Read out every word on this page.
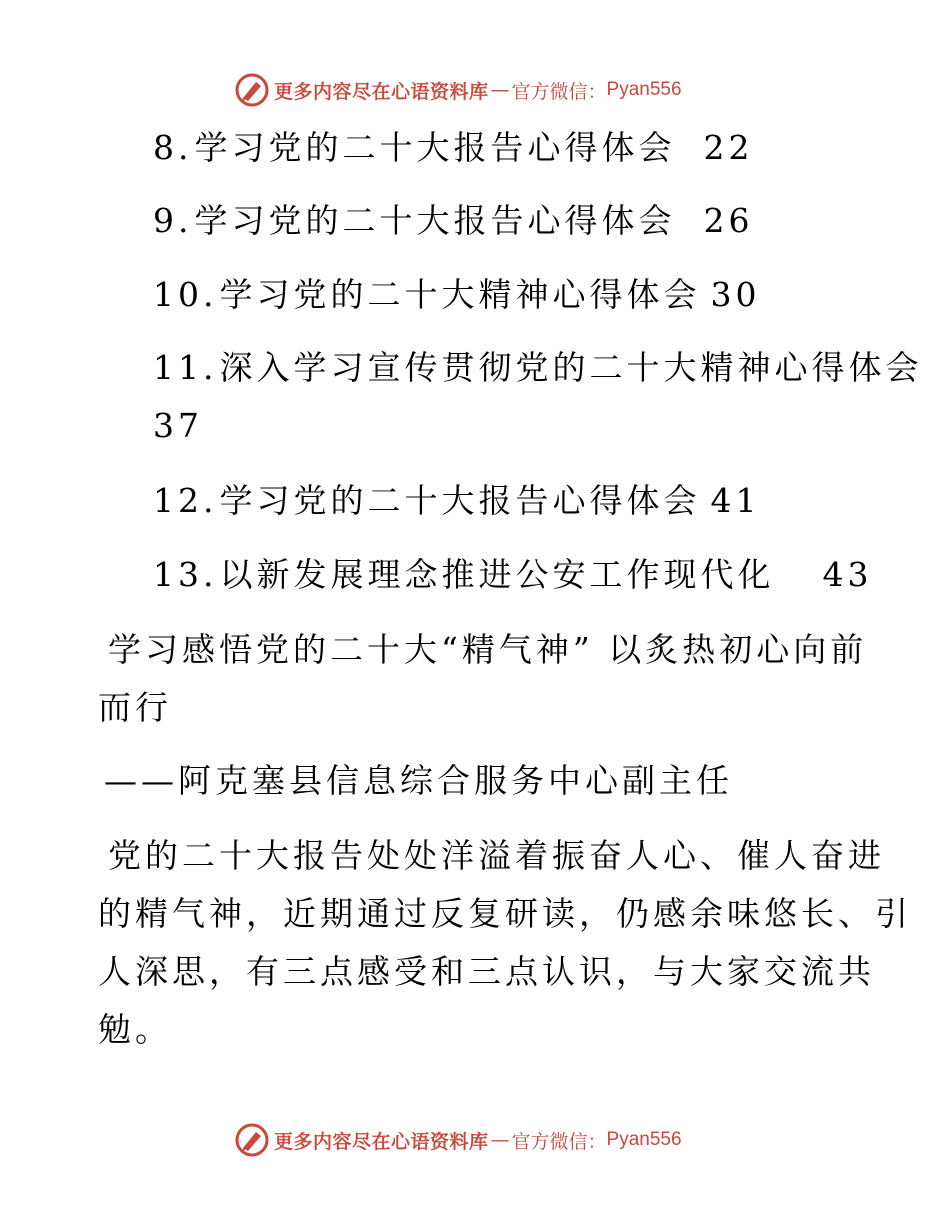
更多内容尽在心语资料库 — 官方微信： Pyan556
8.学习党的二十大报告心得体会 22
9.学习党的二十大报告心得体会 26
10.学习党的二十大精神心得体会 30
11.深入学习宣传贯彻党的二十大精神心得体会
37
12.学习党的二十大报告心得体会 41
13.以新发展理念推进公安工作现代化 43
学习感悟党的二十大“精气神” 以炙热初心向前
而行
——阿克塞县信息综合服务中心副主任
党的二十大报告处处洋溢着振奋人心、催人奋进
的精气神，近期通过反复研读，仍感余味悠长、引
人深思，有三点感受和三点认识，与大家交流共
勉。
更多内容尽在心语资料库 — 官方微信： Pyan556
